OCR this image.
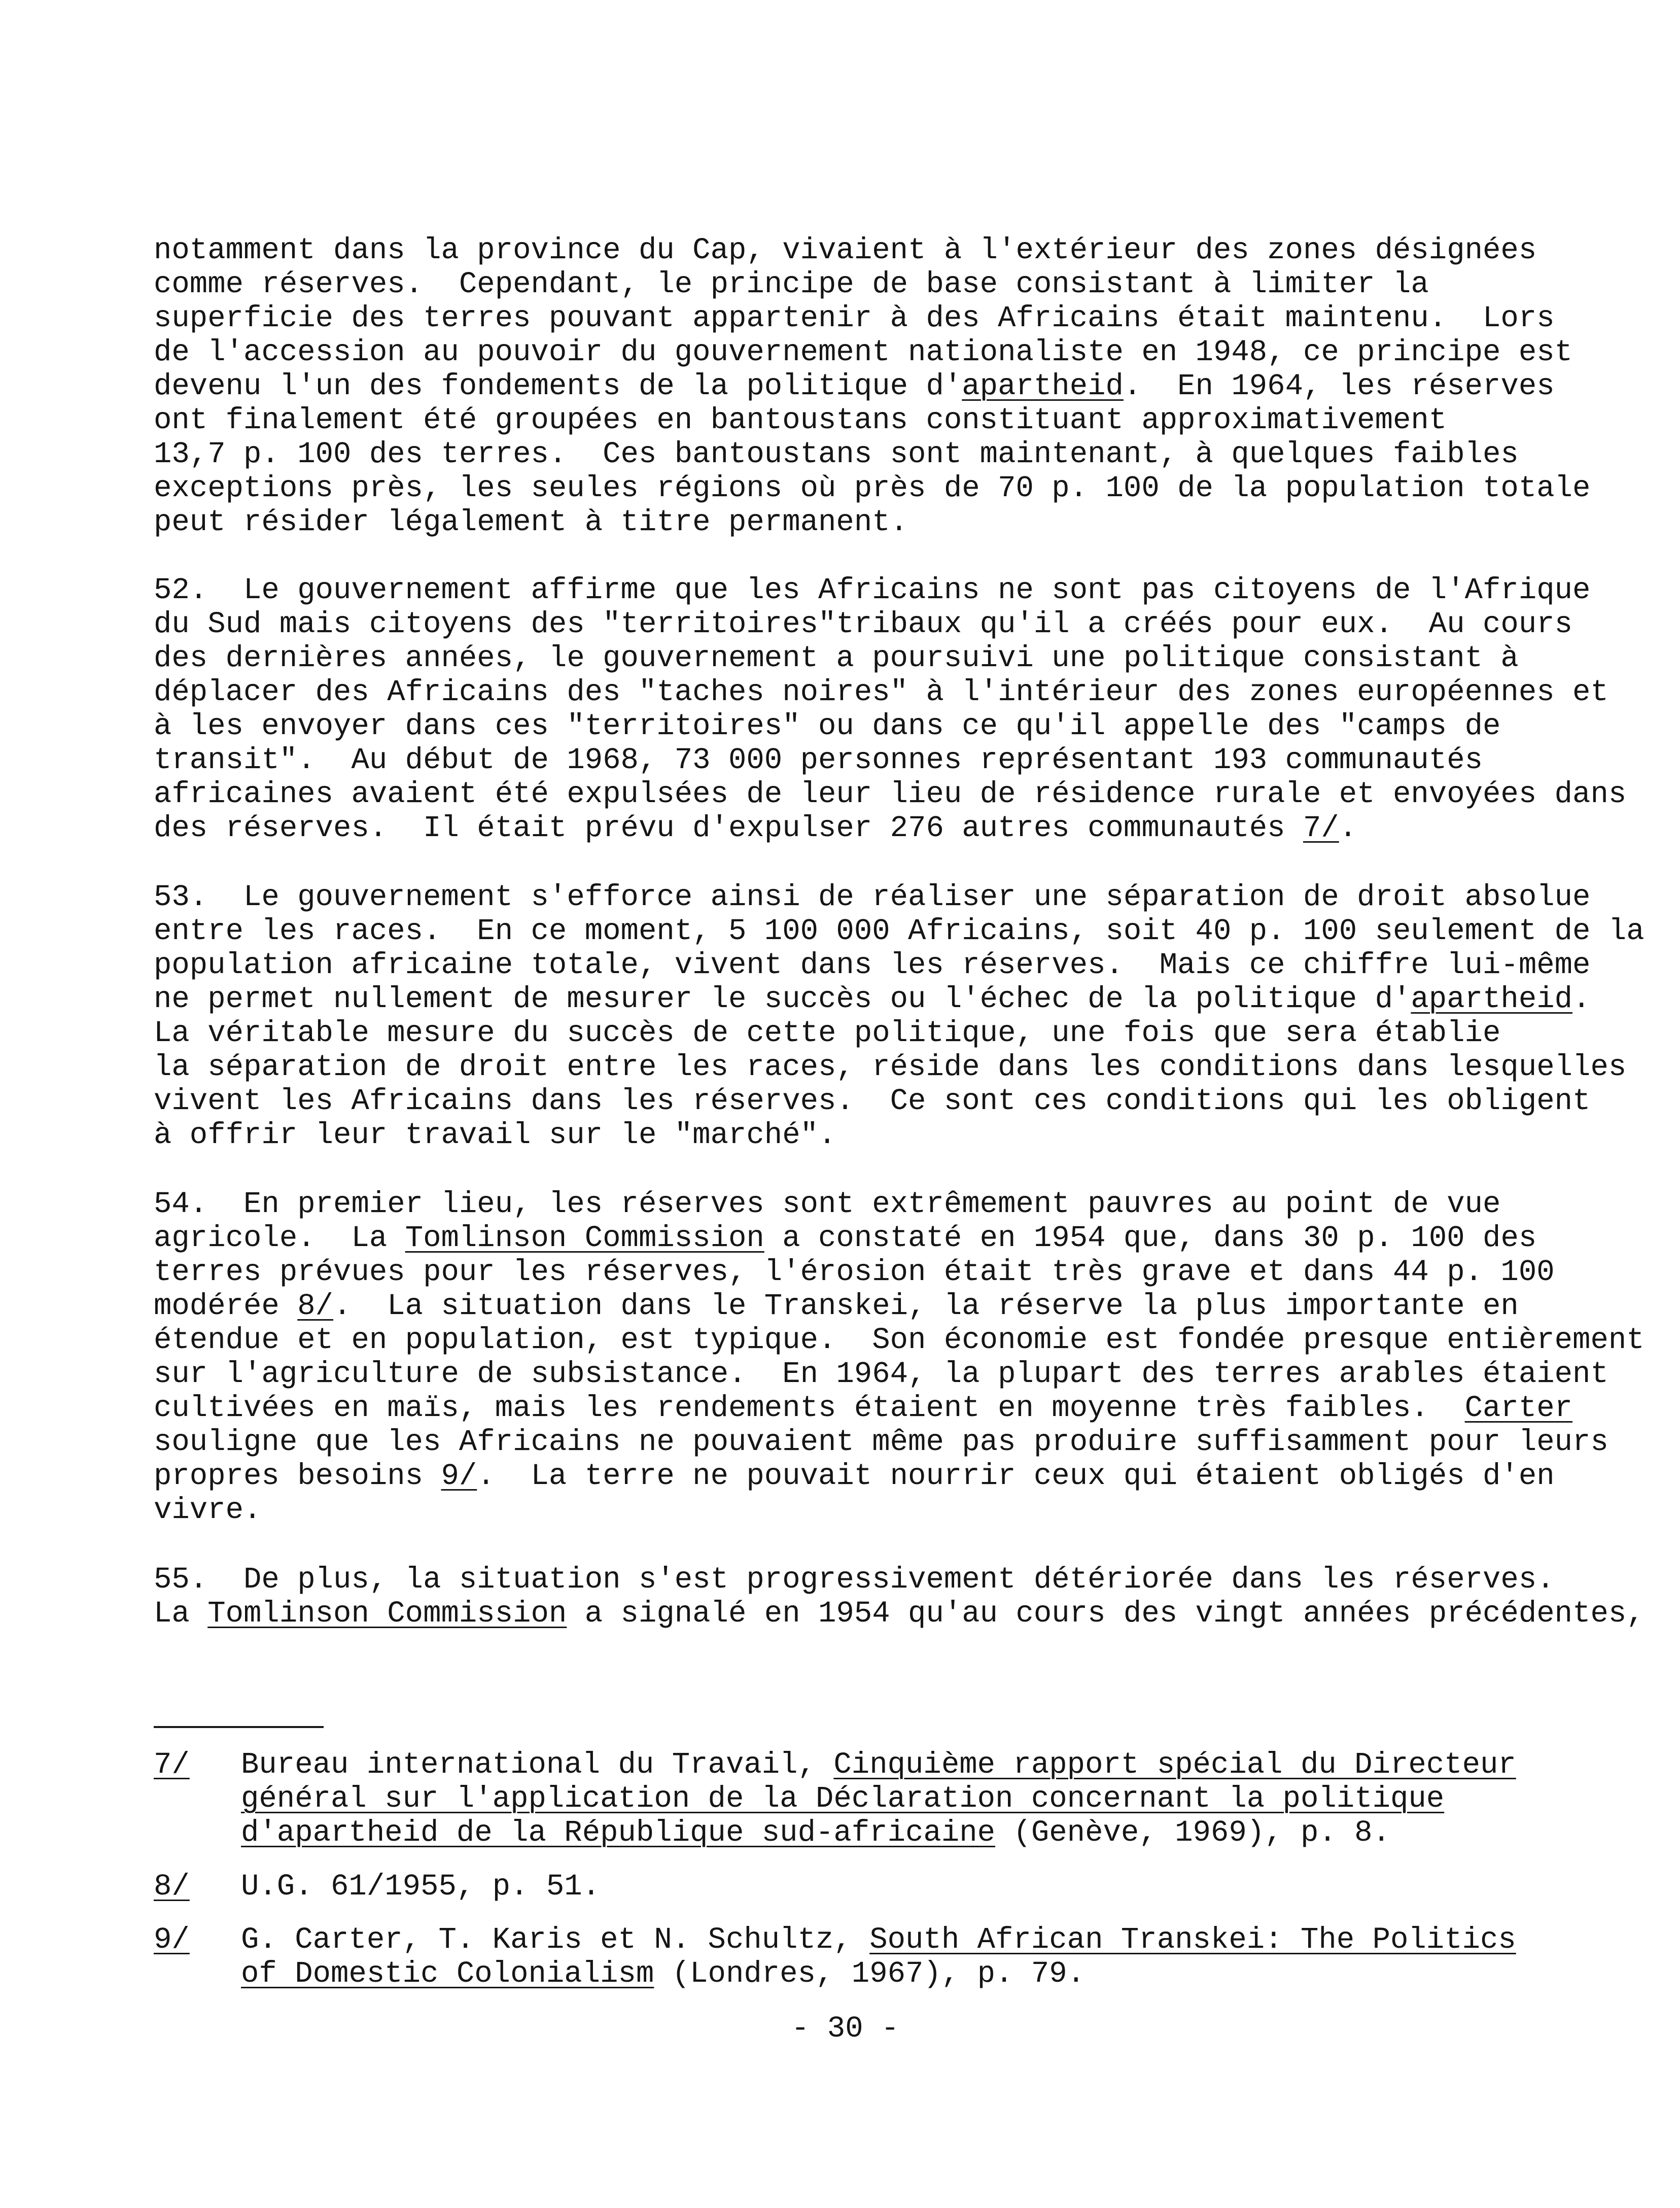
notamment dans la province du Cap, vivaient à l'extérieur des zones désignées
comme réserves.  Cependant, le principe de base consistant à limiter la
superficie des terres pouvant appartenir à des Africains était maintenu.  Lors
de l'accession au pouvoir du gouvernement nationaliste en 1948, ce principe est
devenu l'un des fondements de la politique d'apartheid.  En 1964, les réserves
ont finalement été groupées en bantoustans constituant approximativement
13,7 p. 100 des terres.  Ces bantoustans sont maintenant, à quelques faibles
exceptions près, les seules régions où près de 70 p. 100 de la population totale
peut résider légalement à titre permanent.
52.  Le gouvernement affirme que les Africains ne sont pas citoyens de l'Afrique
du Sud mais citoyens des "territoires"tribaux qu'il a créés pour eux.  Au cours
des dernières années, le gouvernement a poursuivi une politique consistant à
déplacer des Africains des "taches noires" à l'intérieur des zones européennes et
à les envoyer dans ces "territoires" ou dans ce qu'il appelle des "camps de
transit".  Au début de 1968, 73 000 personnes représentant 193 communautés
africaines avaient été expulsées de leur lieu de résidence rurale et envoyées dans
des réserves.  Il était prévu d'expulser 276 autres communautés 7/.
53.  Le gouvernement s'efforce ainsi de réaliser une séparation de droit absolue
entre les races.  En ce moment, 5 100 000 Africains, soit 40 p. 100 seulement de la
population africaine totale, vivent dans les réserves.  Mais ce chiffre lui-même
ne permet nullement de mesurer le succès ou l'échec de la politique d'apartheid.
La véritable mesure du succès de cette politique, une fois que sera établie
la séparation de droit entre les races, réside dans les conditions dans lesquelles
vivent les Africains dans les réserves.  Ce sont ces conditions qui les obligent
à offrir leur travail sur le "marché".
54.  En premier lieu, les réserves sont extrêmement pauvres au point de vue
agricole.  La Tomlinson Commission a constaté en 1954 que, dans 30 p. 100 des
terres prévues pour les réserves, l'érosion était très grave et dans 44 p. 100
modérée 8/.  La situation dans le Transkei, la réserve la plus importante en
étendue et en population, est typique.  Son économie est fondée presque entièrement
sur l'agriculture de subsistance.  En 1964, la plupart des terres arables étaient
cultivées en maïs, mais les rendements étaient en moyenne très faibles.  Carter
souligne que les Africains ne pouvaient même pas produire suffisamment pour leurs
propres besoins 9/.  La terre ne pouvait nourrir ceux qui étaient obligés d'en
vivre.
55.  De plus, la situation s'est progressivement détériorée dans les réserves.
La Tomlinson Commission a signalé en 1954 qu'au cours des vingt années précédentes,
7/ Bureau international du Travail, Cinquième rapport spécial du Directeur
général sur l'application de la Déclaration concernant la politique
d'apartheid de la République sud-africaine (Genève, 1969), p. 8.
8/ U.G. 61/1955, p. 51.
9/ G. Carter, T. Karis et N. Schultz, South African Transkei: The Politics
of Domestic Colonialism (Londres, 1967), p. 79.
- 30 -
